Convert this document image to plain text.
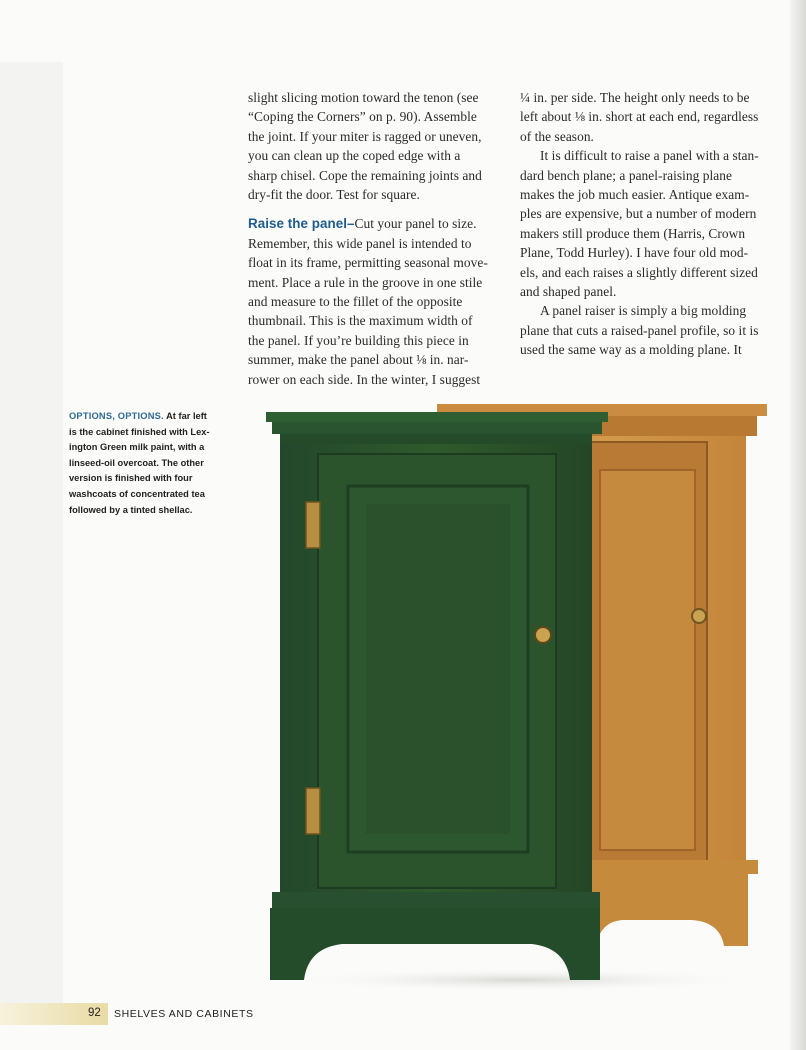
slight slicing motion toward the tenon (see
“Coping the Corners” on p. 90). Assemble
the joint. If your miter is ragged or uneven,
you can clean up the coped edge with a
sharp chisel. Cope the remaining joints and
dry-fit the door. Test for square.

Raise the panel–Cut your panel to size.
Remember, this wide panel is intended to
float in its frame, permitting seasonal move-
ment. Place a rule in the groove in one stile
and measure to the fillet of the opposite
thumbnail. This is the maximum width of
the panel. If you’re building this piece in
summer, make the panel about ⅛ in. nar-
rower on each side. In the winter, I suggest

¼ in. per side. The height only needs to be
left about ⅛ in. short at each end, regardless
of the season.

It is difficult to raise a panel with a stan-
dard bench plane; a panel-raising plane
makes the job much easier. Antique exam-
ples are expensive, but a number of modern
makers still produce them (Harris, Crown
Plane, Todd Hurley). I have four old mod-
els, and each raises a slightly different sized
and shaped panel.

A panel raiser is simply a big molding
plane that cuts a raised-panel profile, so it is
used the same way as a molding plane. It

OPTIONS, OPTIONS. At far left
is the cabinet finished with Lex-
ington Green milk paint, with a
linseed-oil overcoat. The other
version is finished with four
washcoats of concentrated tea
followed by a tinted shellac.
92 SHELVES AND CABINETS
